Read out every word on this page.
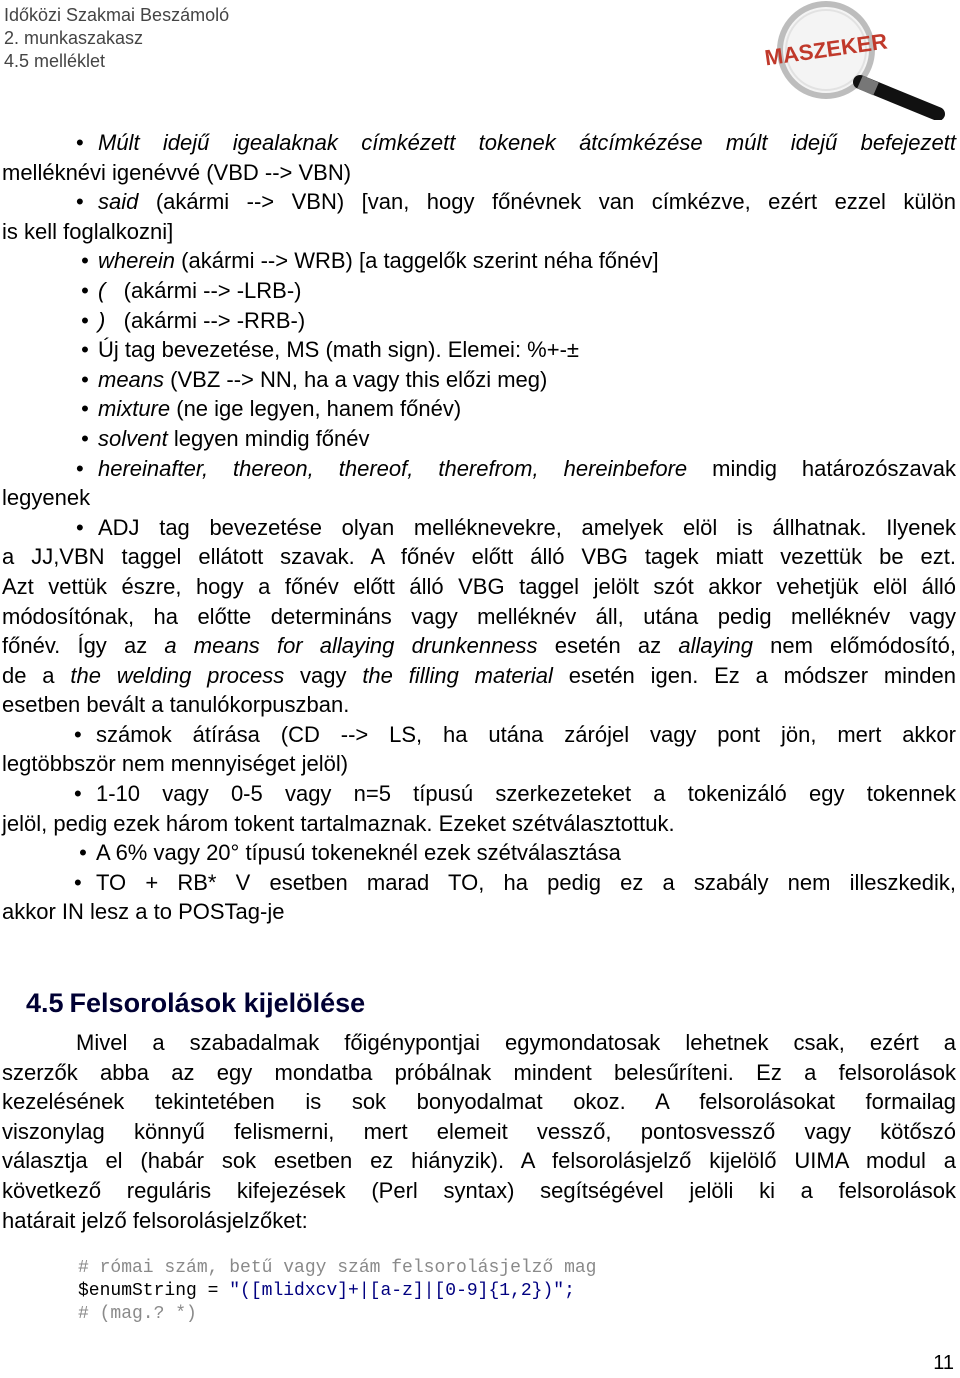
Időközi Szakmai Beszámoló
2. munkaszakasz
4.5 melléklet	MASZEKER

• Múlt idejű igealaknak címkézett tokenek átcímkézése múlt idejű befejezett

melléknévi igenévvé (VBD --> VBN)

• said (akármi --> VBN) [van, hogy főnévnek van címkézve, ezért ezzel külön

is kell foglalkozni]

• wherein (akármi --> WRB) [a taggelők szerint néha főnév]

• (   (akármi --> -LRB-)

• )   (akármi --> -RRB-)

• Új tag bevezetése, MS (math sign). Elemei: %+-±

• means (VBZ --> NN, ha a vagy this előzi meg)

• mixture (ne ige legyen, hanem főnév)

• solvent legyen mindig főnév

• hereinafter, thereon, thereof, therefrom, hereinbefore mindig határozószavak

legyenek

• ADJ tag bevezetése olyan melléknevekre, amelyek elöl is állhatnak. Ilyenek

a JJ,VBN taggel ellátott szavak. A főnév előtt álló VBG tagek miatt vezettük be ezt.

Azt vettük észre, hogy a főnév előtt álló VBG taggel jelölt szót akkor vehetjük elöl álló

módosítónak, ha előtte determináns vagy melléknév áll, utána pedig melléknév vagy

főnév. Így az a means for allaying drunkenness esetén az allaying nem előmódosító,

de a the welding process vagy the filling material esetén igen. Ez a módszer minden

esetben bevált a tanulókorpuszban.

• számok átírása (CD --> LS, ha utána zárójel vagy pont jön, mert akkor

legtöbbször nem mennyiséget jelöl)

• 1-10 vagy 0-5 vagy n=5 típusú szerkezeteket a tokenizáló egy tokennek

jelöl, pedig ezek három tokent tartalmaznak. Ezeket szétválasztottuk.

• A 6% vagy 20° típusú tokeneknél ezek szétválasztása

• TO + RB* V esetben marad TO, ha pedig ez a szabály nem illeszkedik,

akkor IN lesz a to POSTag-je

4.5 Felsorolások kijelölése

Mivel a szabadalmak főigénypontjai egymondatosak lehetnek csak, ezért a

szerzők abba az egy mondatba próbálnak mindent belesűríteni. Ez a felsorolások

kezelésének tekintetében is sok bonyodalmat okoz. A felsorolásokat formailag

viszonylag könnyű felismerni, mert elemeit vessző, pontosvessző vagy kötőszó

választja el (habár sok esetben ez hiányzik). A felsorolásjelző kijelölő UIMA modul a

következő reguláris kifejezések (Perl syntax) segítségével jelöli ki a felsorolások

határait jelző felsorolásjelzőket:

# római szám, betű vagy szám felsorolásjelző mag
$enumString = "([mlidxcv]+|[a-z]|[0-9]{1,2})";
# (mag.? *)
11
